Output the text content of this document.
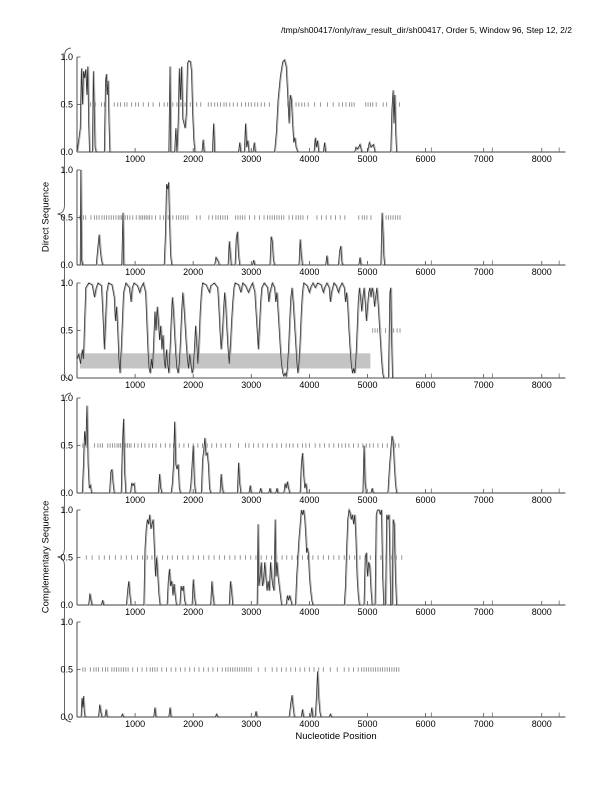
/tmp/sh00417/only/raw_result_dir/sh00417, Order 5, Window 96, Step 12, 2/2
Direct Sequence
Complementary Sequence
1000	2000	3000	4000	5000	6000	7000	8000
0.0
0.5
1.0
1000	2000	3000	4000	5000	6000	7000	8000
0.0
0.5
1.0
1000	2000	3000	4000	5000	6000	7000	8000
0.0
0.5
1.0
1000	2000	3000	4000	5000	6000	7000	8000
0.0
0.5
1.0
1000	2000	3000	4000	5000	6000	7000	8000
0.0
0.5
1.0
1000	2000	3000	4000	5000	6000	7000	8000
0.0
0.5
1.0
Nucleotide Position
